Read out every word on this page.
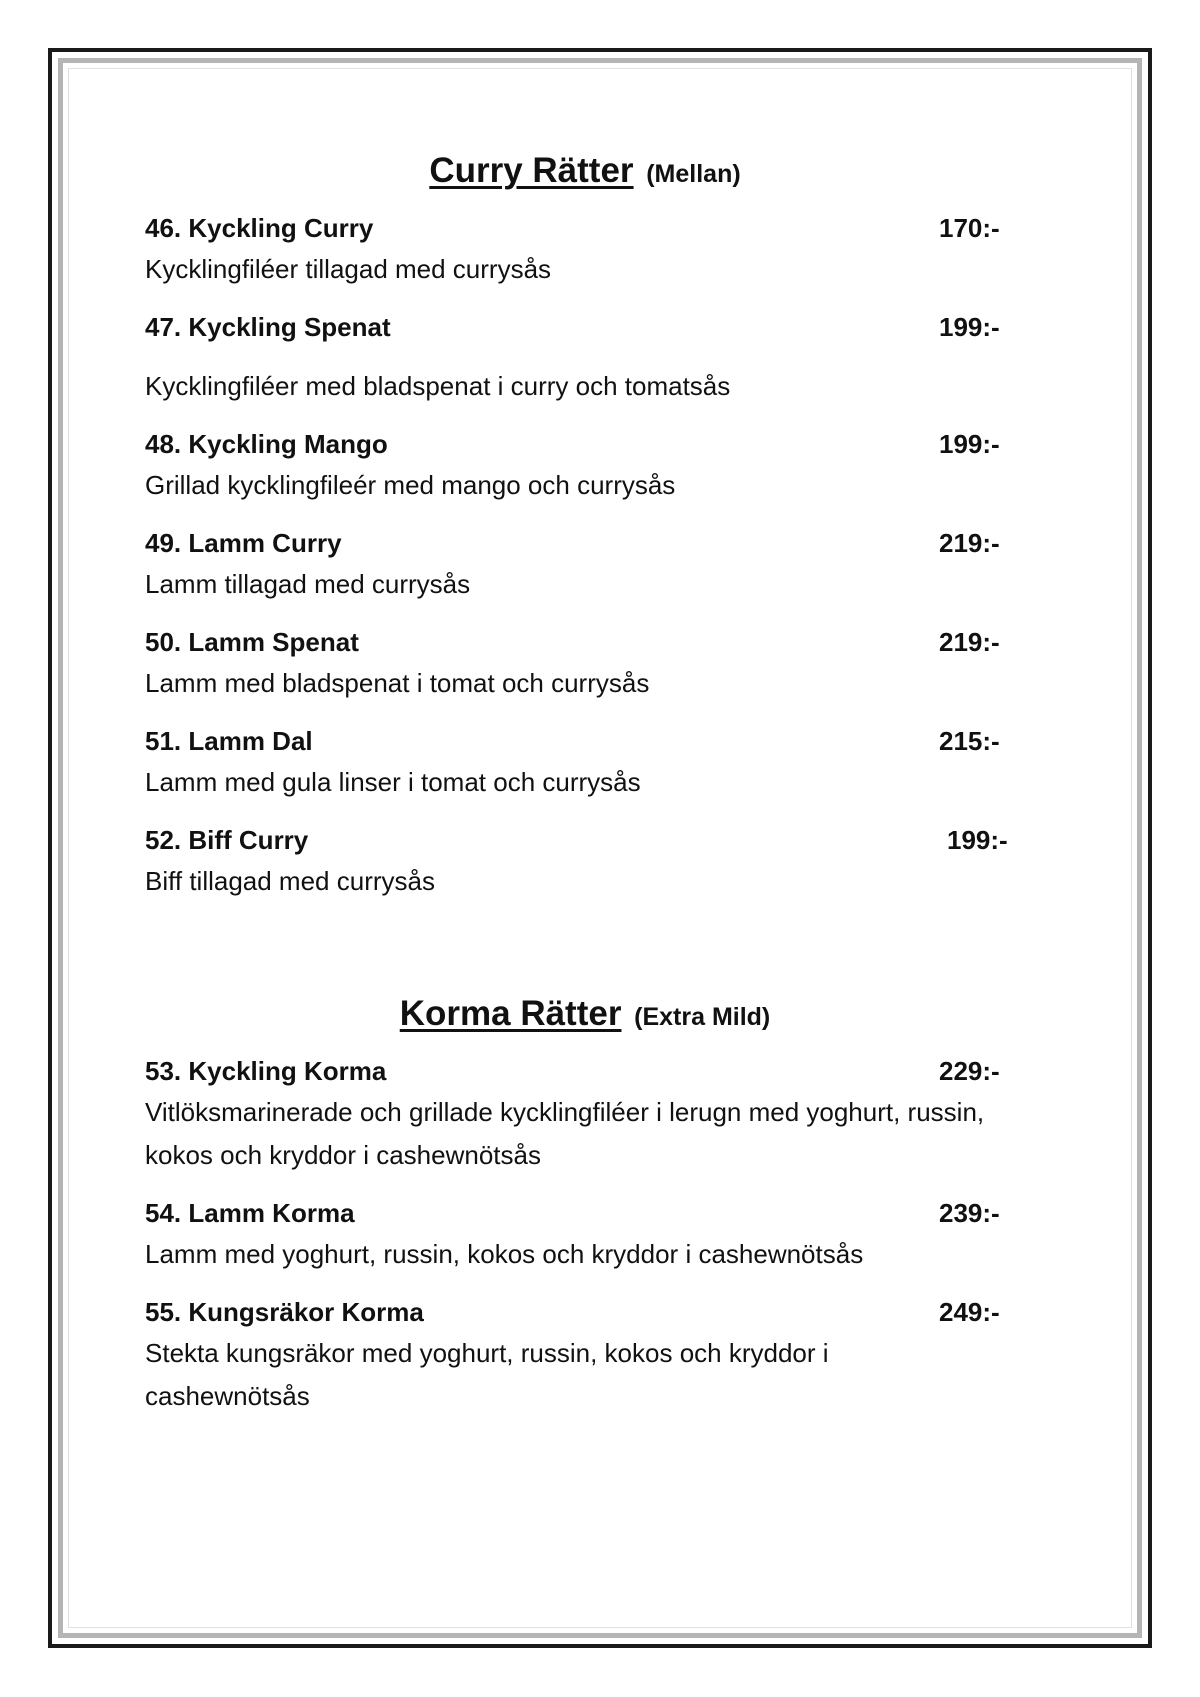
Curry Rätter (Mellan)
46. Kyckling Curry	170:-
Kycklingfiléer tillagad med currysås
47. Kyckling Spenat	199:-
Kycklingfiléer med bladspenat i curry och tomatsås
48. Kyckling Mango	199:-
Grillad kycklingfileér med mango och currysås
49. Lamm Curry	219:-
Lamm tillagad med currysås
50. Lamm Spenat	219:-
Lamm med bladspenat i tomat och currysås
51. Lamm Dal	215:-
Lamm med gula linser i tomat och currysås
52. Biff Curry	199:-
Biff tillagad med currysås
Korma Rätter (Extra Mild)
53. Kyckling Korma	229:-
Vitlöksmarinerade och grillade kycklingfiléer i lerugn med yoghurt, russin, kokos och kryddor i cashewnötsås
54. Lamm Korma	239:-
Lamm med yoghurt, russin, kokos och kryddor i cashewnötsås
55. Kungsräkor Korma	249:-
Stekta kungsräkor med yoghurt, russin, kokos och kryddor i cashewnötsås
